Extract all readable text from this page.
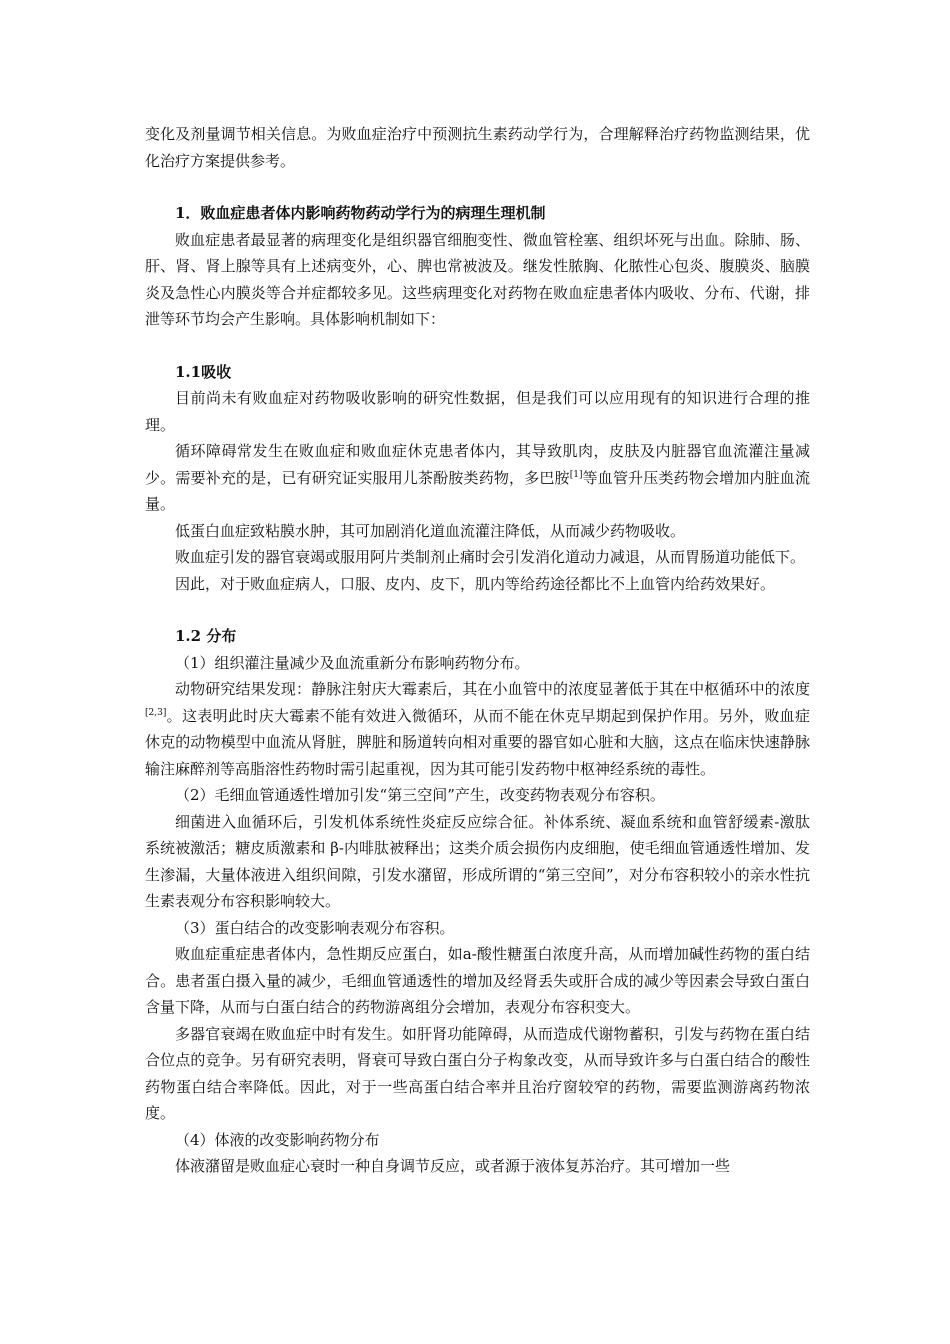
变化及剂量调节相关信息。为败血症治疗中预测抗生素药动学行为，合理解释治疗药物监测结果，优化治疗方案提供参考。

1．败血症患者体内影响药物药动学行为的病理生理机制

败血症患者最显著的病理变化是组织器官细胞变性、微血管栓塞、组织坏死与出血。除肺、肠、肝、肾、肾上腺等具有上述病变外，心、脾也常被波及。继发性脓胸、化脓性心包炎、腹膜炎、脑膜炎及急性心内膜炎等合并症都较多见。这些病理变化对药物在败血症患者体内吸收、分布、代谢，排泄等环节均会产生影响。具体影响机制如下：

1.1吸收

目前尚未有败血症对药物吸收影响的研究性数据，但是我们可以应用现有的知识进行合理的推理。

循环障碍常发生在败血症和败血症休克患者体内，其导致肌肉，皮肤及内脏器官血流灌注量减少。需要补充的是，已有研究证实服用儿茶酚胺类药物，多巴胺[1]等血管升压类药物会增加内脏血流量。

低蛋白血症致粘膜水肿，其可加剧消化道血流灌注降低，从而减少药物吸收。

败血症引发的器官衰竭或服用阿片类制剂止痛时会引发消化道动力减退，从而胃肠道功能低下。

因此，对于败血症病人，口服、皮内、皮下，肌内等给药途径都比不上血管内给药效果好。

1.2 分布

（1）组织灌注量减少及血流重新分布影响药物分布。

动物研究结果发现：静脉注射庆大霉素后，其在小血管中的浓度显著低于其在中枢循环中的浓度[2,3]。这表明此时庆大霉素不能有效进入微循环，从而不能在休克早期起到保护作用。另外，败血症休克的动物模型中血流从肾脏，脾脏和肠道转向相对重要的器官如心脏和大脑，这点在临床快速静脉输注麻醉剂等高脂溶性药物时需引起重视，因为其可能引发药物中枢神经系统的毒性。

（2）毛细血管通透性增加引发“第三空间”产生，改变药物表观分布容积。

细菌进入血循环后，引发机体系统性炎症反应综合征。补体系统、凝血系统和血管舒缓素-激肽系统被激活；糖皮质激素和 β-内啡肽被释出；这类介质会损伤内皮细胞，使毛细血管通透性增加、发生渗漏，大量体液进入组织间隙，引发水潴留，形成所谓的“第三空间”，对分布容积较小的亲水性抗生素表观分布容积影响较大。

（3）蛋白结合的改变影响表观分布容积。

败血症重症患者体内，急性期反应蛋白，如a-酸性糖蛋白浓度升高，从而增加碱性药物的蛋白结合。患者蛋白摄入量的减少，毛细血管通透性的增加及经肾丢失或肝合成的减少等因素会导致白蛋白含量下降，从而与白蛋白结合的药物游离组分会增加，表观分布容积变大。

多器官衰竭在败血症中时有发生。如肝肾功能障碍，从而造成代谢物蓄积，引发与药物在蛋白结合位点的竞争。另有研究表明，肾衰可导致白蛋白分子构象改变，从而导致许多与白蛋白结合的酸性药物蛋白结合率降低。因此，对于一些高蛋白结合率并且治疗窗较窄的药物，需要监测游离药物浓度。

（4）体液的改变影响药物分布

体液潴留是败血症心衰时一种自身调节反应，或者源于液体复苏治疗。其可增加一些
